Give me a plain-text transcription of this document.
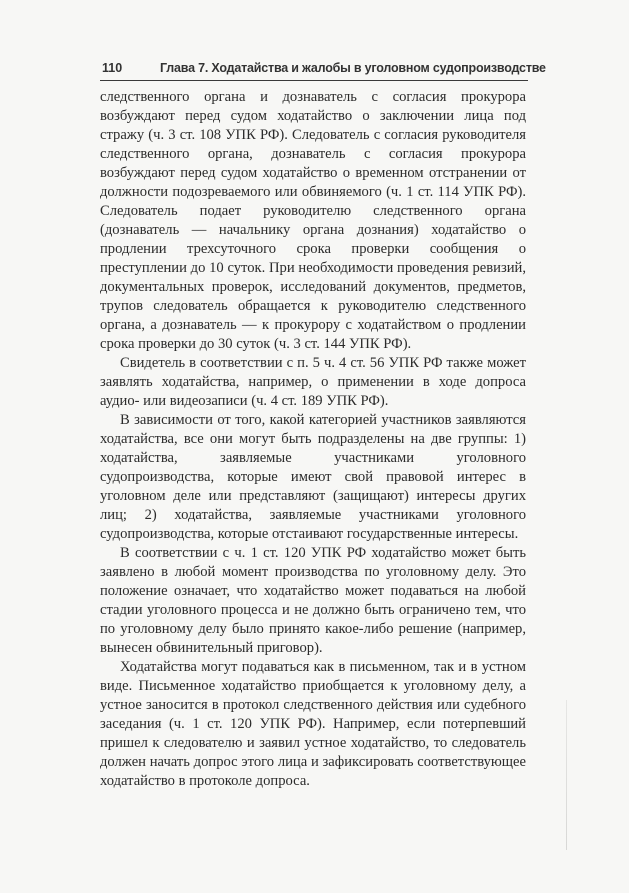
110	Глава 7. Ходатайства и жалобы в уголовном судопроизводстве

следственного органа и дознаватель с согласия прокурора возбуждают перед судом ходатайство о заключении лица под стражу (ч. 3 ст. 108 УПК РФ). Следователь с согласия руководителя следственного органа, дознаватель с согласия прокурора возбуждают перед судом ходатайство о временном отстранении от должности подозреваемого или обвиняемого (ч. 1 ст. 114 УПК РФ). Следователь подает руководителю следственного органа (дознаватель — начальнику органа дознания) ходатайство о продлении трехсуточного срока проверки сообщения о преступлении до 10 суток. При необходимости проведения ревизий, документальных проверок, исследований документов, предметов, трупов следователь обращается к руководителю следственного органа, а дознаватель — к прокурору с ходатайством о продлении срока проверки до 30 суток (ч. 3 ст. 144 УПК РФ).

Свидетель в соответствии с п. 5 ч. 4 ст. 56 УПК РФ также может заявлять ходатайства, например, о применении в ходе допроса аудио- или видеозаписи (ч. 4 ст. 189 УПК РФ).

В зависимости от того, какой категорией участников заявляются ходатайства, все они могут быть подразделены на две группы: 1) ходатайства, заявляемые участниками уголовного судопроизводства, которые имеют свой правовой интерес в уголовном деле или представляют (защищают) интересы других лиц; 2) ходатайства, заявляемые участниками уголовного судопроизводства, которые отстаивают государственные интересы.

В соответствии с ч. 1 ст. 120 УПК РФ ходатайство может быть заявлено в любой момент производства по уголовному делу. Это положение означает, что ходатайство может подаваться на любой стадии уголовного процесса и не должно быть ограничено тем, что по уголовному делу было принято какое-либо решение (например, вынесен обвинительный приговор).

Ходатайства могут подаваться как в письменном, так и в устном виде. Письменное ходатайство приобщается к уголовному делу, а устное заносится в протокол следственного действия или судебного заседания (ч. 1 ст. 120 УПК РФ). Например, если потерпевший пришел к следователю и заявил устное ходатайство, то следователь должен начать допрос этого лица и зафиксировать соответствующее ходатайство в протоколе допроса.
